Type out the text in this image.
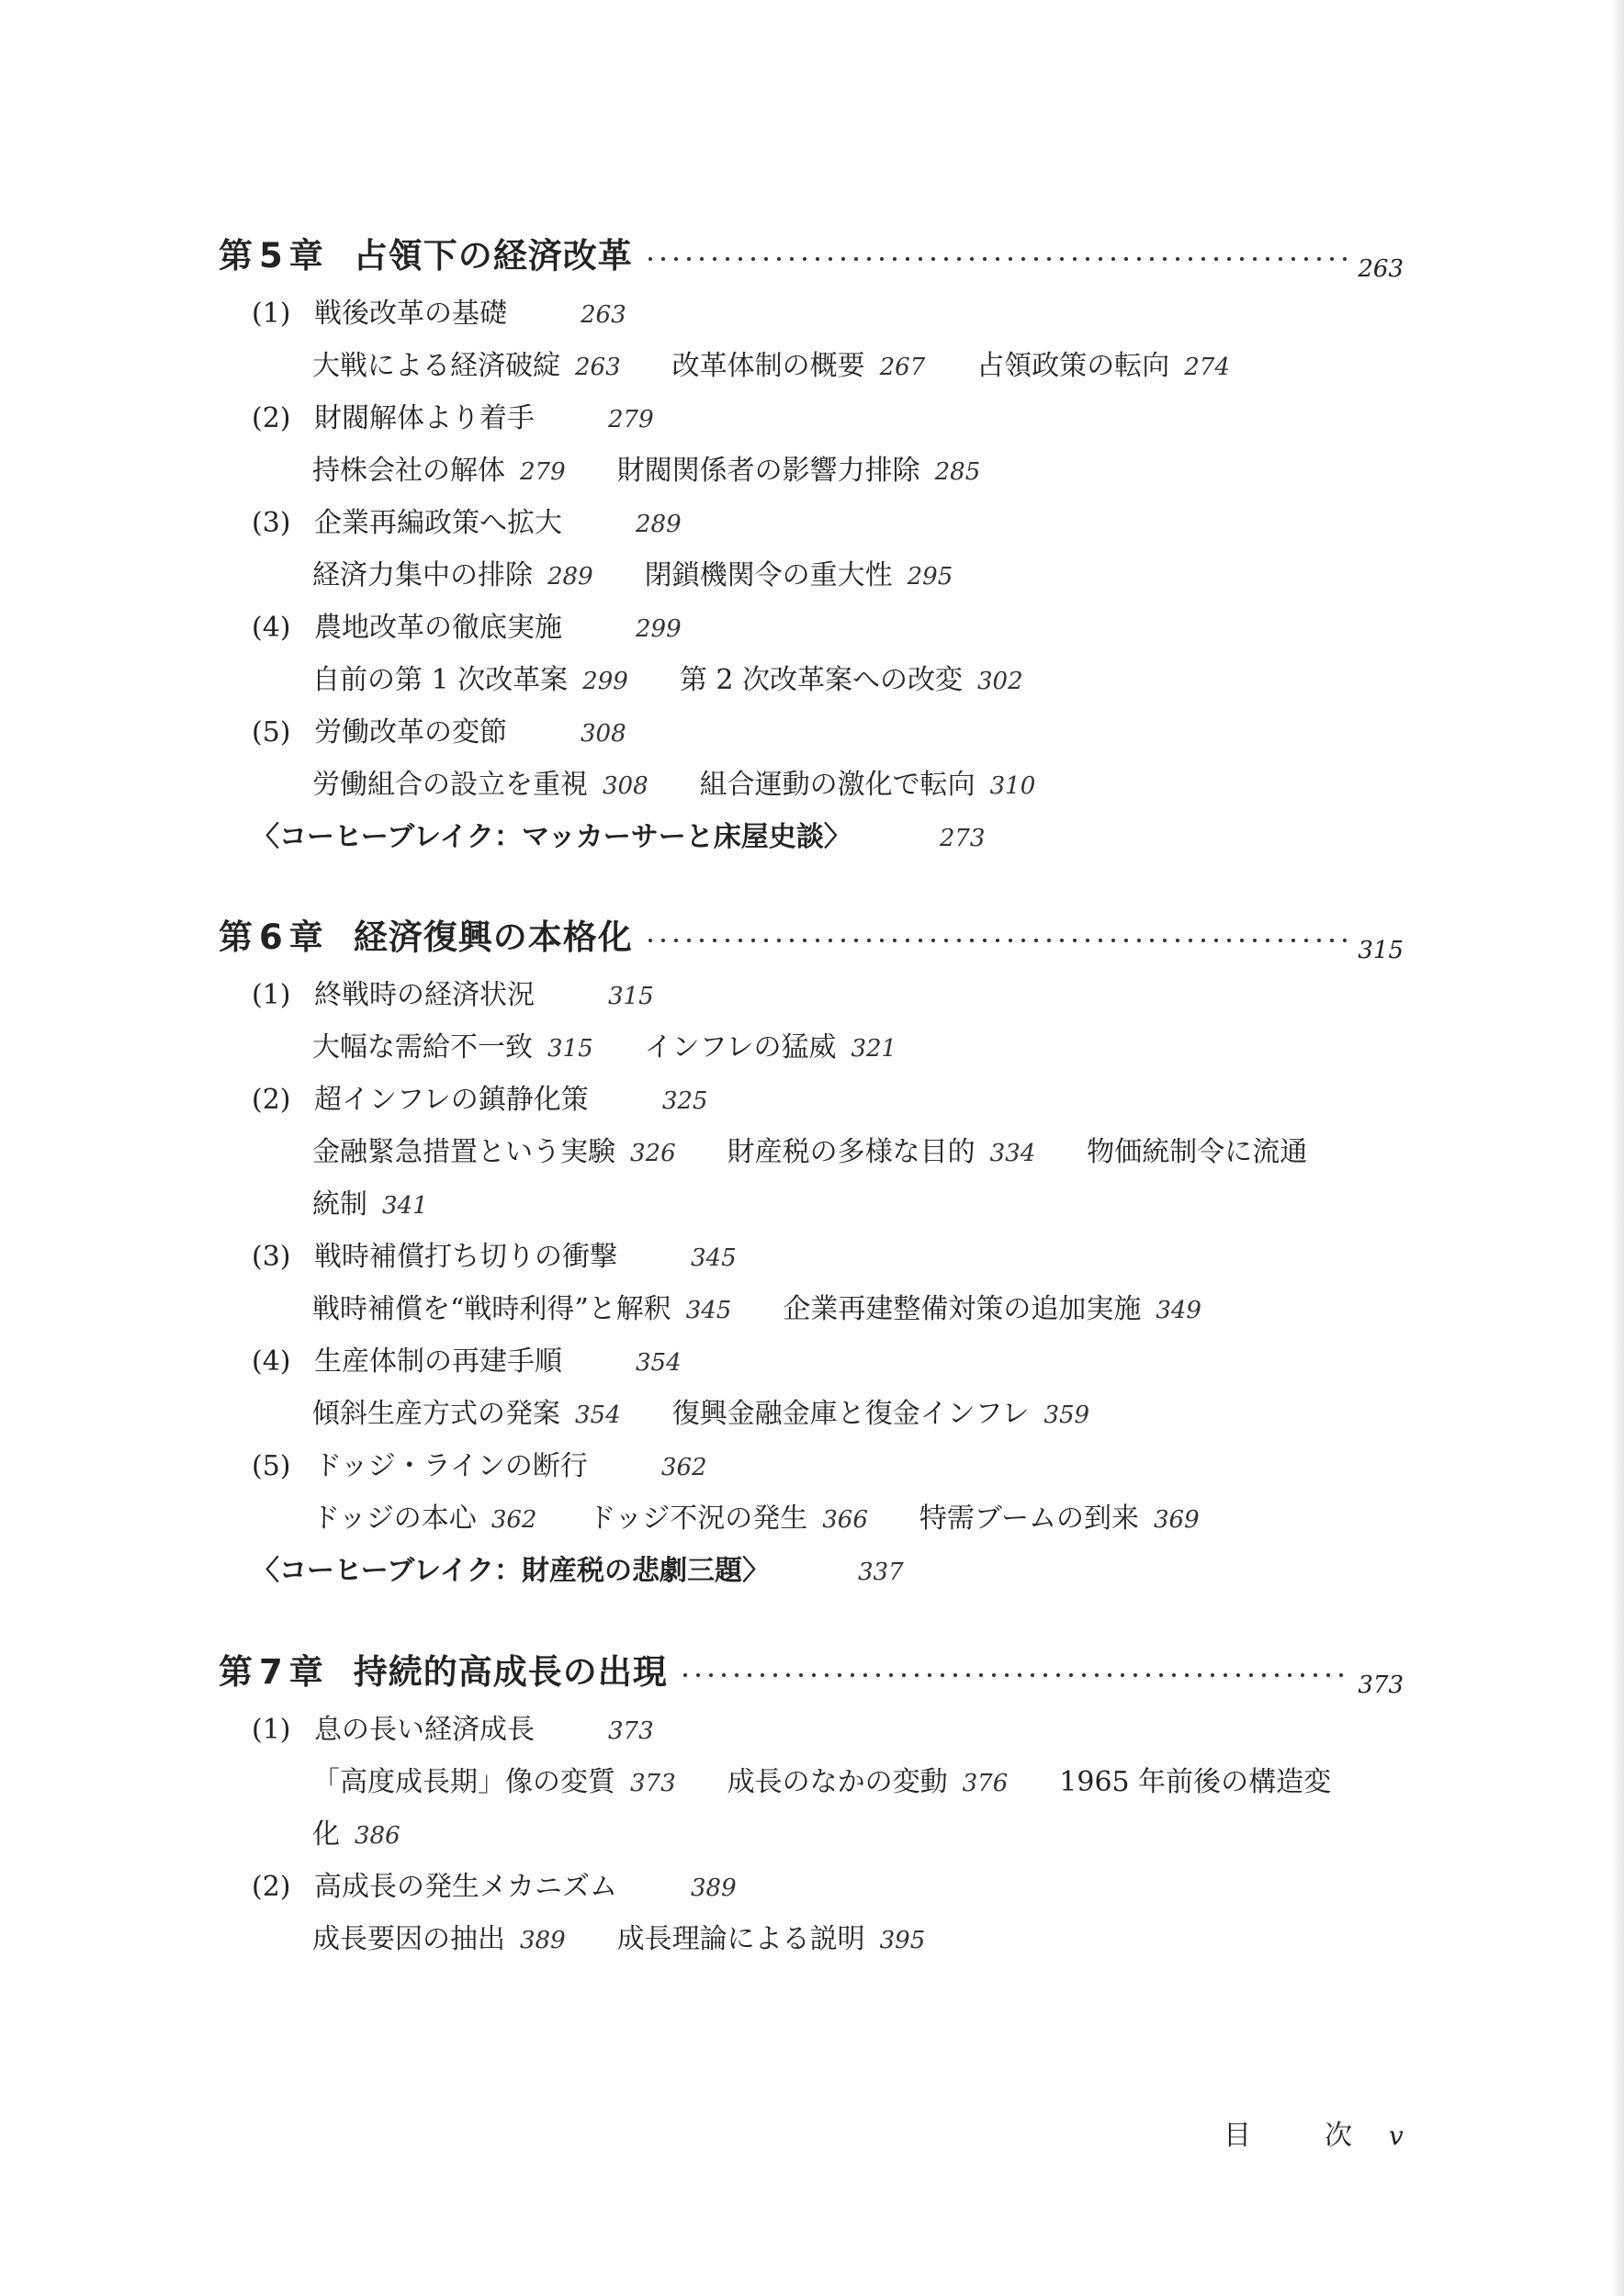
第 5 章 占領下の経済改革	263
(1) 戦後改革の基礎	263
大戦による経済破綻 263 改革体制の概要 267 占領政策の転向 274
(2) 財閥解体より着手	279
持株会社の解体 279 財閥関係者の影響力排除 285
(3) 企業再編政策へ拡大	289
経済力集中の排除 289 閉鎖機関令の重大性 295
(4) 農地改革の徹底実施	299
自前の第 1 次改革案 299 第 2 次改革案への改変 302
(5) 労働改革の変節	308
労働組合の設立を重視 308 組合運動の激化で転向 310
〈コーヒーブレイク：マッカーサーと床屋史談〉	273
第 6 章 経済復興の本格化	315
(1) 終戦時の経済状況	315
大幅な需給不一致 315 インフレの猛威 321
(2) 超インフレの鎮静化策	325
金融緊急措置という実験 326 財産税の多様な目的 334 物価統制令に流通
統制 341
(3) 戦時補償打ち切りの衝撃	345
戦時補償を“戦時利得”と解釈 345 企業再建整備対策の追加実施 349
(4) 生産体制の再建手順	354
傾斜生産方式の発案 354 復興金融金庫と復金インフレ 359
(5) ドッジ・ラインの断行	362
ドッジの本心 362 ドッジ不況の発生 366 特需ブームの到来 369
〈コーヒーブレイク：財産税の悲劇三題〉	337
第 7 章 持続的高成長の出現	373
(1) 息の長い経済成長	373
「高度成長期」像の変質 373 成長のなかの変動 376 1965 年前後の構造変
化 386
(2) 高成長の発生メカニズム	389
成長要因の抽出 389 成長理論による説明 395
目	次 v
